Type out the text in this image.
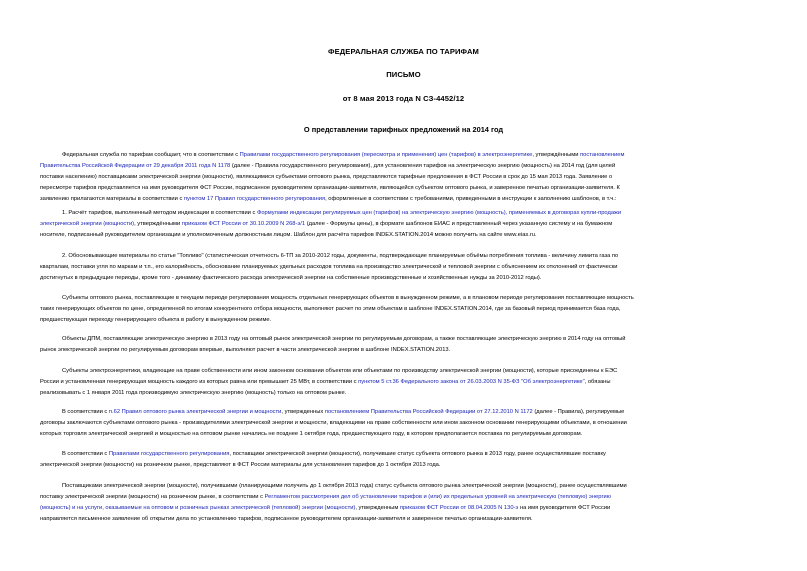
ФЕДЕРАЛЬНАЯ СЛУЖБА ПО ТАРИФАМ
ПИСЬМО
от 8 мая 2013 года N СЗ-4452/12
О представлении тарифных предложений на 2014 год

Федеральная служба по тарифам сообщает, что в соответствии с Правилами государственного регулирования (пересмотра и применения) цен (тарифов) в электроэнергетике, утверждёнными постановлением
Правительства Российской Федерации от 29 декабря 2011 года N 1178 (далее - Правила государственного регулирования), для установления тарифов на электрическую энергию (мощность) на 2014 год (для целей
поставки населению) поставщиками электрической энергии (мощности), являющимися субъектами оптового рынка, представляются тарифные предложения в ФСТ России в срок до 15 мая 2013 года. Заявление о
пересмотре тарифов представляется на имя руководителя ФСТ России, подписанное руководителем организации-заявителя, являющейся субъектом оптового рынка, и заверенное печатью организации-заявителя. К
заявлению прилагаются материалы в соответствии с пунктом 17 Правил государственного регулирования, оформленные в соответствии с требованиями, приведенными в инструкции к заполнению шаблонов, в т.ч.:

1. Расчёт тарифов, выполненный методом индексации в соответствии с Формулами индексации регулируемых цен (тарифов) на электрическую энергию (мощность), применяемых в договорах купли-продажи
электрической энергии (мощности), утверждёнными приказом ФСТ России от 30.10.2009 N 268-э/1 (далее - Формулы цены), в формате шаблонов ЕИАС и представленный через указанную систему и на бумажном
носителе, подписанный руководителем организации и уполномоченным должностным лицом. Шаблон для расчёта тарифов INDEX.STATION.2014 можно получить на сайте www.eias.ru.

2. Обосновывающие материалы по статье "Топливо" (статистическая отчетность 6-ТП за 2010-2012 годы, документы, подтверждающие планируемые объёмы потребления топлива - величину лимита газа по
кварталам, поставки угля по маркам и т.п., его калорийность, обоснование планируемых удельных расходов топлива на производство электрической и тепловой энергии с объяснением их отклонений от фактически
достигнутых в предыдущие периоды, кроме того - динамику фактического расхода электрической энергии на собственные производственные и хозяйственные нужды за 2010-2012 годы).

Субъекты оптового рынка, поставляющие в текущем периоде регулирования мощность отдельных генерирующих объектов в вынужденном режиме, а в плановом периоде регулирования поставляющие мощность
таких генерирующих объектов по цене, определенной по итогам конкурентного отбора мощности, выполняют расчет по этим объектам в шаблоне INDEX.STATION.2014, где за базовый период принимается база года,
предшествующая переходу генерирующего объекта в работу в вынужденном режиме.

Объекты ДПМ, поставляющие электрическую энергию в 2013 году на оптовый рынок электрической энергии по регулируемым договорам, а также поставляющие электрическую энергию в 2014 году на оптовый
рынок электрической энергии по регулируемым договорам впервые, выполняют расчет в части электрической энергии в шаблоне INDEX.STATION.2013.

Субъекты электроэнергетики, владеющие на праве собственности или ином законном основании объектом или объектами по производству электрической энергии (мощности), которые присоединены к ЕЭС
России и установленная генерирующая мощность каждого из которых равна или превышает 25 МВт, в соответствии с пунктом 5 ст.36 Федерального закона от 26.03.2003 N 35-ФЗ "Об электроэнергетике", обязаны
реализовывать с 1 января 2011 года производимую электрическую энергию (мощность) только на оптовом рынке.

В соответствии с п.62 Правил оптового рынка электрической энергии и мощности, утвержденных постановлением Правительства Российской Федерации от 27.12.2010 N 1172 (далее - Правила), регулируемые
договоры заключаются субъектами оптового рынка - производителями электрической энергии и мощности, владеющими на праве собственности или ином законном основании генерирующими объектами, в отношении
которых торговля электрической энергией и мощностью на оптовом рынке начались не позднее 1 октября года, предшествующего году, в котором предполагается поставка по регулируемым договорам.

В соответствии с Правилами государственного регулирования, поставщики электрической энергии (мощности), получившие статус субъекта оптового рынка в 2013 году, ранее осуществлявшие поставку
электрической энергии (мощности) на розничном рынке, представляют в ФСТ России материалы для установления тарифов до 1 октября 2013 года.

Поставщиками электрической энергии (мощности), получившими (планирующими получить до 1 октября 2013 года) статус субъекта оптового рынка электрической энергии (мощности), ранее осуществлявшими
поставку электрической энергии (мощности) на розничном рынке, в соответствии с Регламентом рассмотрения дел об установлении тарифов и (или) их предельных уровней на электрическую (тепловую) энергию
(мощность) и на услуги, оказываемые на оптовом и розничных рынках электрической (тепловой) энергии (мощности), утвержденным приказом ФСТ России от 08.04.2005 N 130-э на имя руководителя ФСТ России
направляется письменное заявление об открытии дела по установлению тарифов, подписанное руководителем организации-заявителя и заверенное печатью организации-заявителя.
